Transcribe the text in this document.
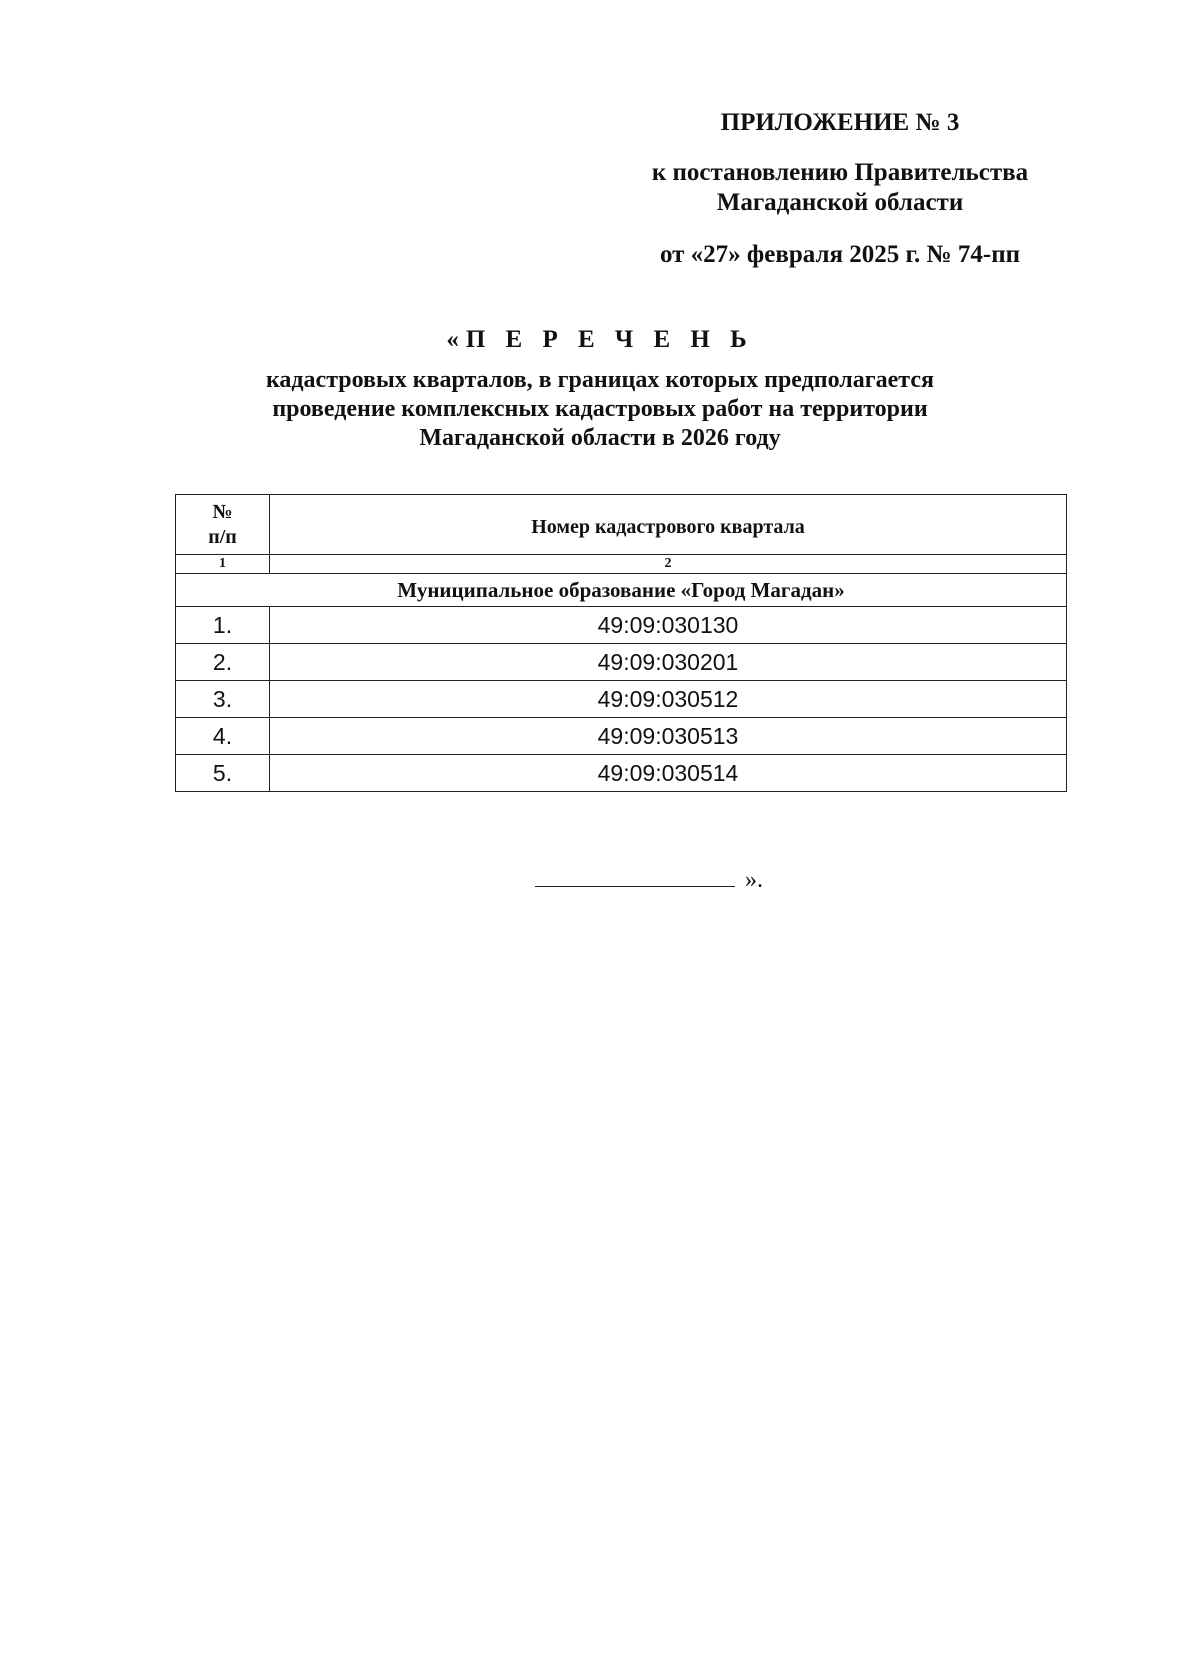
ПРИЛОЖЕНИЕ № 3

к постановлению Правительства

Магаданской области

от «27» февраля 2025 г. № 74-пп

«П Е Р Е Ч Е Н Ь
кадастровых кварталов, в границах которых предполагается
проведение комплексных кадастровых работ на территории
Магаданской области в 2026 году
№
п/п	Номер кадастрового квартала
1	2
Муниципальное образование «Город Магадан»	
1.	49:09:030130
2.	49:09:030201
3.	49:09:030512
4.	49:09:030513
5.	49:09:030514
».
